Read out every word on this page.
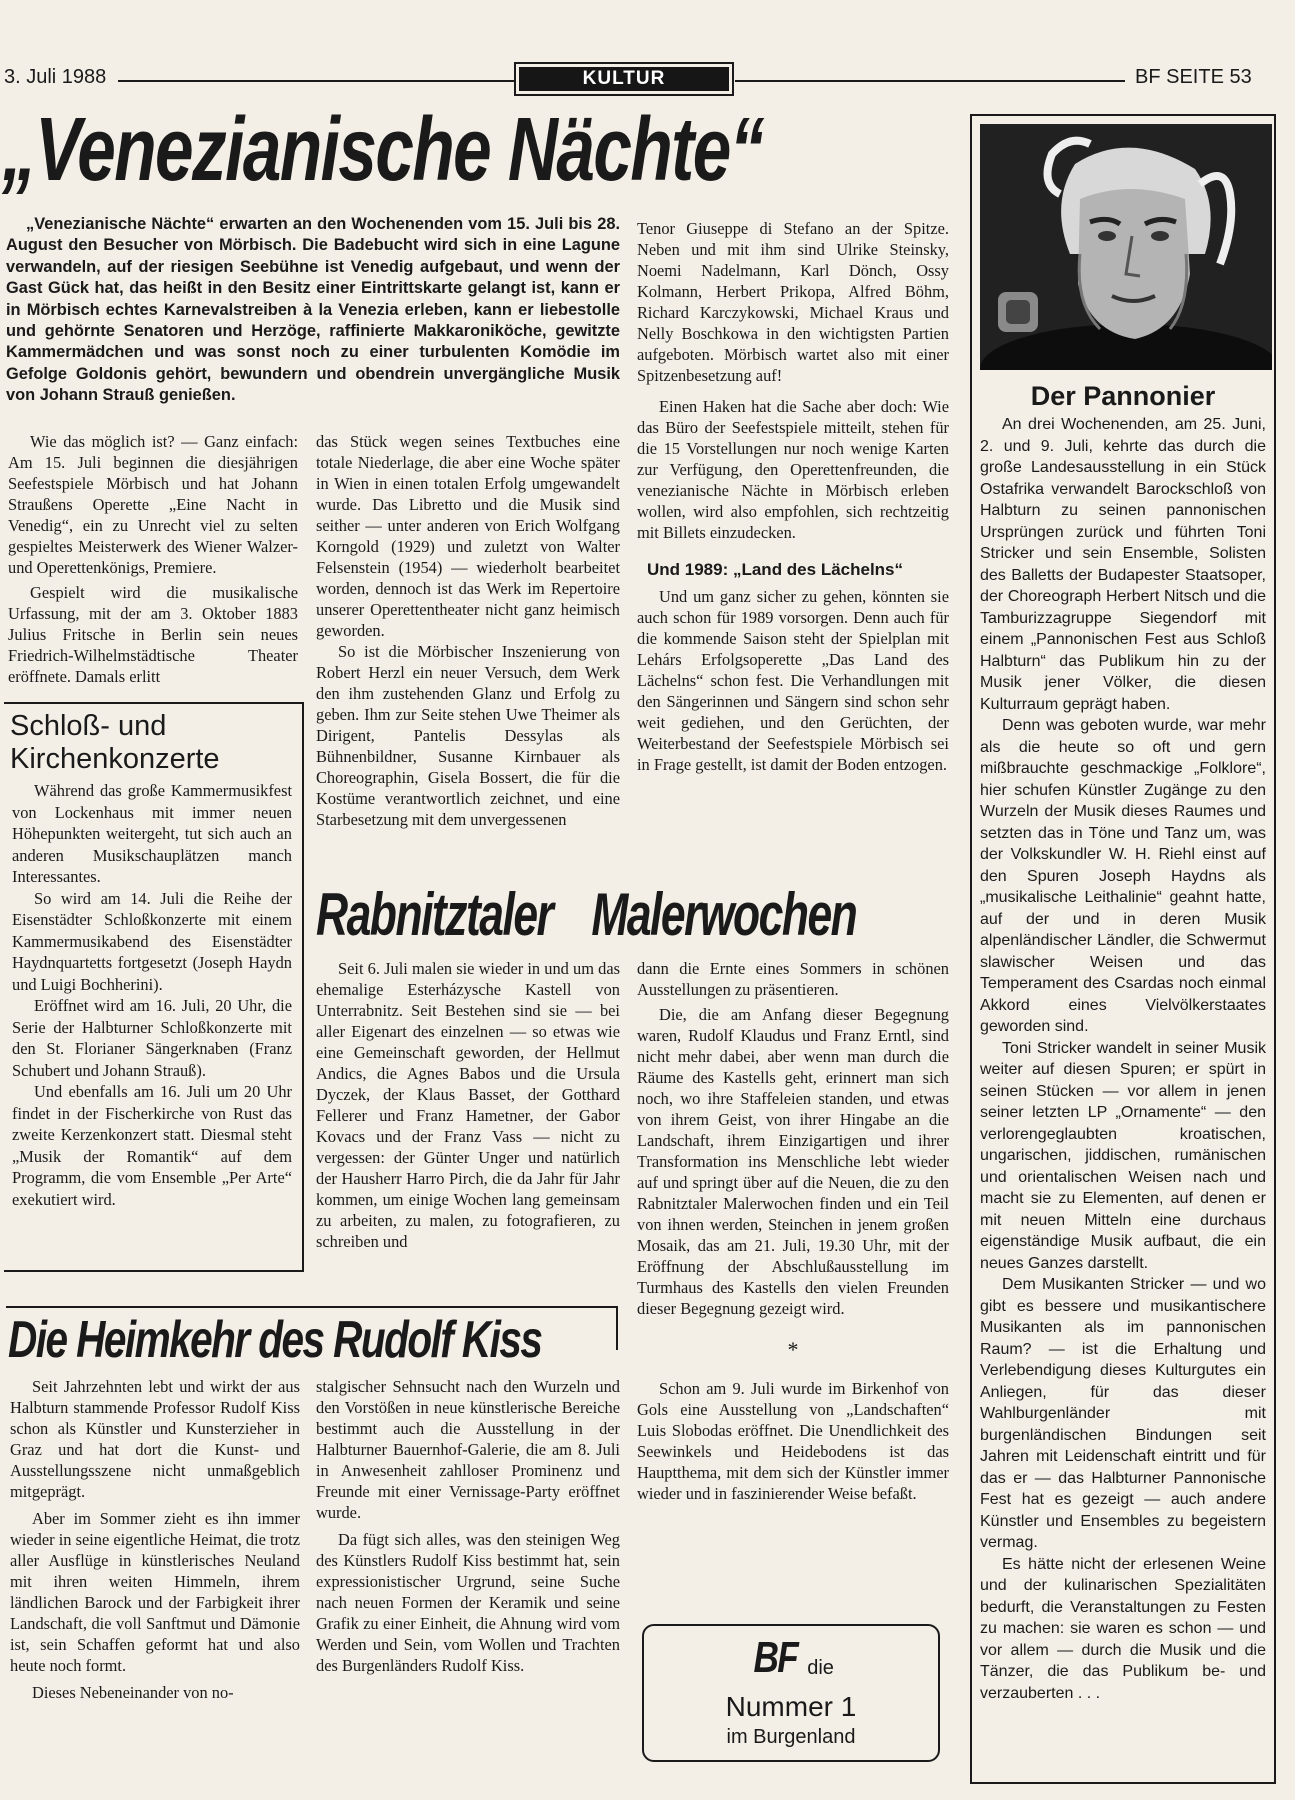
3. Juli 1988	KULTUR	BF SEITE 53
„Venezianische Nächte“

„Venezianische Nächte“ erwarten an den Wochenenden vom 15. Juli bis 28. August den Besucher von Mörbisch. Die Badebucht wird sich in eine Lagune verwandeln, auf der riesigen Seebühne ist Venedig aufgebaut, und wenn der Gast Gück hat, das heißt in den Besitz einer Eintrittskarte gelangt ist, kann er in Mörbisch echtes Karnevalstreiben à la Venezia erleben, kann er liebestolle und gehörnte Senatoren und Herzöge, raffinierte Makkaroniköche, gewitzte Kammermädchen und was sonst noch zu einer turbulenten Komödie im Gefolge Goldonis gehört, bewundern und obendrein unvergängliche Musik von Johann Strauß genießen.

Wie das möglich ist? — Ganz einfach: Am 15. Juli beginnen die diesjährigen Seefestspiele Mörbisch und hat Johann Straußens Operette „Eine Nacht in Venedig“, ein zu Unrecht viel zu selten gespieltes Meisterwerk des Wiener Walzer- und Operettenkönigs, Premiere.

Gespielt wird die musikalische Urfassung, mit der am 3. Oktober 1883 Julius Fritsche in Berlin sein neues Friedrich-Wilhelmstädtische Theater eröffnete. Damals erlitt

das Stück wegen seines Textbuches eine totale Niederlage, die aber eine Woche später in Wien in einen totalen Erfolg umgewandelt wurde. Das Libretto und die Musik sind seither — unter anderen von Erich Wolfgang Korngold (1929) und zuletzt von Walter Felsenstein (1954) — wiederholt bearbeitet worden, dennoch ist das Werk im Repertoire unserer Operettentheater nicht ganz heimisch geworden.

So ist die Mörbischer Inszenierung von Robert Herzl ein neuer Versuch, dem Werk den ihm zustehenden Glanz und Erfolg zu geben. Ihm zur Seite stehen Uwe Theimer als Dirigent, Pantelis Dessylas als Bühnenbildner, Susanne Kirnbauer als Choreographin, Gisela Bossert, die für die Kostüme verantwortlich zeichnet, und eine Starbesetzung mit dem unvergessenen

Tenor Giuseppe di Stefano an der Spitze. Neben und mit ihm sind Ulrike Steinsky, Noemi Nadelmann, Karl Dönch, Ossy Kolmann, Herbert Prikopa, Alfred Böhm, Richard Karczykowski, Michael Kraus und Nelly Boschkowa in den wichtigsten Partien aufgeboten. Mörbisch wartet also mit einer Spitzenbesetzung auf!

Einen Haken hat die Sache aber doch: Wie das Büro der Seefestspiele mitteilt, stehen für die 15 Vorstellungen nur noch wenige Karten zur Verfügung, den Operettenfreunden, die venezianische Nächte in Mörbisch erleben wollen, wird also empfohlen, sich rechtzeitig mit Billets einzudecken.

Und 1989: „Land des Lächelns“

Und um ganz sicher zu gehen, könnten sie auch schon für 1989 vorsorgen. Denn auch für die kommende Saison steht der Spielplan mit Lehárs Erfolgsoperette „Das Land des Lächelns“ schon fest. Die Verhandlungen mit den Sängerinnen und Sängern sind schon sehr weit gediehen, und den Gerüchten, der Weiterbestand der Seefestspiele Mörbisch sei in Frage gestellt, ist damit der Boden entzogen.

Schloß- und
Kirchenkonzerte

Während das große Kammermusikfest von Lockenhaus mit immer neuen Höhepunkten weitergeht, tut sich auch an anderen Musikschauplätzen manch Interessantes.

So wird am 14. Juli die Reihe der Eisenstädter Schloßkonzerte mit einem Kammermusikabend des Eisenstädter Haydnquartetts fortgesetzt (Joseph Haydn und Luigi Bochherini).

Eröffnet wird am 16. Juli, 20 Uhr, die Serie der Halbturner Schloßkonzerte mit den St. Florianer Sängerknaben (Franz Schubert und Johann Strauß).

Und ebenfalls am 16. Juli um 20 Uhr findet in der Fischerkirche von Rust das zweite Kerzenkonzert statt. Diesmal steht „Musik der Romantik“ auf dem Programm, die vom Ensemble „Per Arte“ exekutiert wird.

Rabnitztaler Malerwochen

Seit 6. Juli malen sie wieder in und um das ehemalige Esterházysche Kastell von Unterrabnitz. Seit Bestehen sind sie — bei aller Eigenart des einzelnen — so etwas wie eine Gemeinschaft geworden, der Hellmut Andics, die Agnes Babos und die Ursula Dyczek, der Klaus Basset, der Gotthard Fellerer und Franz Hametner, der Gabor Kovacs und der Franz Vass — nicht zu vergessen: der Günter Unger und natürlich der Hausherr Harro Pirch, die da Jahr für Jahr kommen, um einige Wochen lang gemeinsam zu arbeiten, zu malen, zu fotografieren, zu schreiben und

dann die Ernte eines Sommers in schönen Ausstellungen zu präsentieren.

Die, die am Anfang dieser Begegnung waren, Rudolf Klaudus und Franz Erntl, sind nicht mehr dabei, aber wenn man durch die Räume des Kastells geht, erinnert man sich noch, wo ihre Staffeleien standen, und etwas von ihrem Geist, von ihrer Hingabe an die Landschaft, ihrem Einzigartigen und ihrer Transformation ins Menschliche lebt wieder auf und springt über auf die Neuen, die zu den Rabnitztaler Malerwochen finden und ein Teil von ihnen werden, Steinchen in jenem großen Mosaik, das am 21. Juli, 19.30 Uhr, mit der Eröffnung der Abschlußausstellung im Turmhaus des Kastells den vielen Freunden dieser Begegnung gezeigt wird.

*

Schon am 9. Juli wurde im Birkenhof von Gols eine Ausstellung von „Landschaften“ Luis Slobodas eröffnet. Die Unendlichkeit des Seewinkels und Heidebodens ist das Hauptthema, mit dem sich der Künstler immer wieder und in faszinierender Weise befaßt.

Die Heimkehr des Rudolf Kiss

Seit Jahrzehnten lebt und wirkt der aus Halbturn stammende Professor Rudolf Kiss schon als Künstler und Kunsterzieher in Graz und hat dort die Kunst- und Ausstellungsszene nicht unmaßgeblich mitgeprägt.

Aber im Sommer zieht es ihn immer wieder in seine eigentliche Heimat, die trotz aller Ausflüge in künstlerisches Neuland mit ihren weiten Himmeln, ihrem ländlichen Barock und der Farbigkeit ihrer Landschaft, die voll Sanftmut und Dämonie ist, sein Schaffen geformt hat und also heute noch formt.

Dieses Nebeneinander von no-

stalgischer Sehnsucht nach den Wurzeln und den Vorstößen in neue künstlerische Bereiche bestimmt auch die Ausstellung in der Halbturner Bauernhof-Galerie, die am 8. Juli in Anwesenheit zahlloser Prominenz und Freunde mit einer Vernissage-Party eröffnet wurde.

Da fügt sich alles, was den steinigen Weg des Künstlers Rudolf Kiss bestimmt hat, sein expressionistischer Urgrund, seine Suche nach neuen Formen der Keramik und seine Grafik zu einer Einheit, die Ahnung wird vom Werden und Sein, vom Wollen und Trachten des Burgenländers Rudolf Kiss.	BF die
Nummer 1
im Burgenland
Der Pannonier

An drei Wochenenden, am 25. Juni, 2. und 9. Juli, kehrte das durch die große Landesausstellung in ein Stück Ostafrika verwandelt Barockschloß von Halbturn zu seinen pannonischen Ursprüngen zurück und führten Toni Stricker und sein Ensemble, Solisten des Balletts der Budapester Staatsoper, der Choreograph Herbert Nitsch und die Tamburizzagruppe Siegendorf mit einem „Pannonischen Fest aus Schloß Halbturn“ das Publikum hin zu der Musik jener Völker, die diesen Kulturraum geprägt haben.

Denn was geboten wurde, war mehr als die heute so oft und gern mißbrauchte geschmackige „Folklore“, hier schufen Künstler Zugänge zu den Wurzeln der Musik dieses Raumes und setzten das in Töne und Tanz um, was der Volkskundler W. H. Riehl einst auf den Spuren Joseph Haydns als „musikalische Leithalinie“ geahnt hatte, auf der und in deren Musik alpenländischer Ländler, die Schwermut slawischer Weisen und das Temperament des Csardas noch einmal Akkord eines Vielvölkerstaates geworden sind.

Toni Stricker wandelt in seiner Musik weiter auf diesen Spuren; er spürt in seinen Stücken — vor allem in jenen seiner letzten LP „Ornamente“ — den verlorengeglaubten kroatischen, ungarischen, jiddischen, rumänischen und orientalischen Weisen nach und macht sie zu Elementen, auf denen er mit neuen Mitteln eine durchaus eigenständige Musik aufbaut, die ein neues Ganzes darstellt.

Dem Musikanten Stricker — und wo gibt es bessere und musikantischere Musikanten als im pannonischen Raum? — ist die Erhaltung und Verlebendigung dieses Kulturgutes ein Anliegen, für das dieser Wahlburgenländer mit burgenländischen Bindungen seit Jahren mit Leidenschaft eintritt und für das er — das Halbturner Pannonische Fest hat es gezeigt — auch andere Künstler und Ensembles zu begeistern vermag.

Es hätte nicht der erlesenen Weine und der kulinarischen Spezialitäten bedurft, die Veranstaltungen zu Festen zu machen: sie waren es schon — und vor allem — durch die Musik und die Tänzer, die das Publikum be- und verzauberten . . .
